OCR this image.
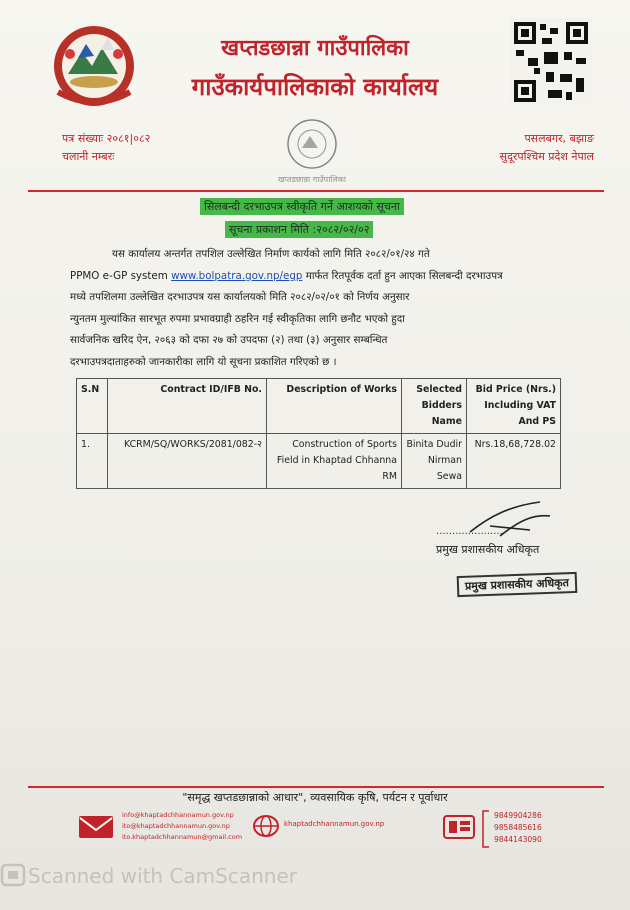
खप्तडछान्ना गाउँपालिका
गाउँकार्यपालिकाको कार्यालय
पत्र संख्याः २०८१|०८२
चलानी नम्बरः
खप्तडछान्ना गाउँपालिका
पसलबगर, बझाङ
सुदूरपश्चिम प्रदेश नेपाल
सिलबन्दी दरभाउपत्र स्वीकृति गर्ने आशयको सूचना
सूचना प्रकाशन मिति :२०८२/०२/०२
यस कार्यालय अन्तर्गत तपशिल उल्लेखित निर्माण कार्यको लागि मिति २०८२/०१/२४ गते
PPMO e-GP system www.bolpatra.gov.np/egp मार्फत रितपूर्वक दर्ता हुन आएका सिलबन्दी दरभाउपत्र
मध्ये तपशिलमा उल्लेखित दरभाउपत्र यस कार्यालयको मिति २०८२/०२/०१ को निर्णय अनुसार
न्युनतम मुल्यांकित सारभूत रुपमा प्रभावग्राही ठहरिन गई स्वीकृतिका लागि छनौट भएको हुदा
सार्वजनिक खरिद ऐन, २०६३ को दफा २७ को उपदफा (२) तथा (३) अनुसार सम्बन्धित
दरभाउपत्रदाताहरुको जानकारीका लागि यो सूचना प्रकाशित गरिएको छ ।
S.N	Contract ID/IFB No.	Description of Works	Selected Bidders Name	Bid Price (Nrs.) Including VAT And PS
1.	KCRM/SQ/WORKS/2081/082-२	Construction of Sports Field in Khaptad Chhanna RM	Binita Dudir Nirman Sewa	Nrs.18,68,728.02
.....................
प्रमुख प्रशासकीय अधिकृत
प्रमुख प्रशासकीय अधिकृत
"समृद्ध खप्तडछान्नाको आधार", व्यवसायिक कृषि, पर्यटन र पूर्वाधार
info@khaptadchhannamun.gov.np
ito@khaptadchhannamun.gov.np
ito.khaptadchhannamun@gmail.com
khaptadchhannamun.gov.np
9849904286
9858485616
9844143090
Scanned with CamScanner
